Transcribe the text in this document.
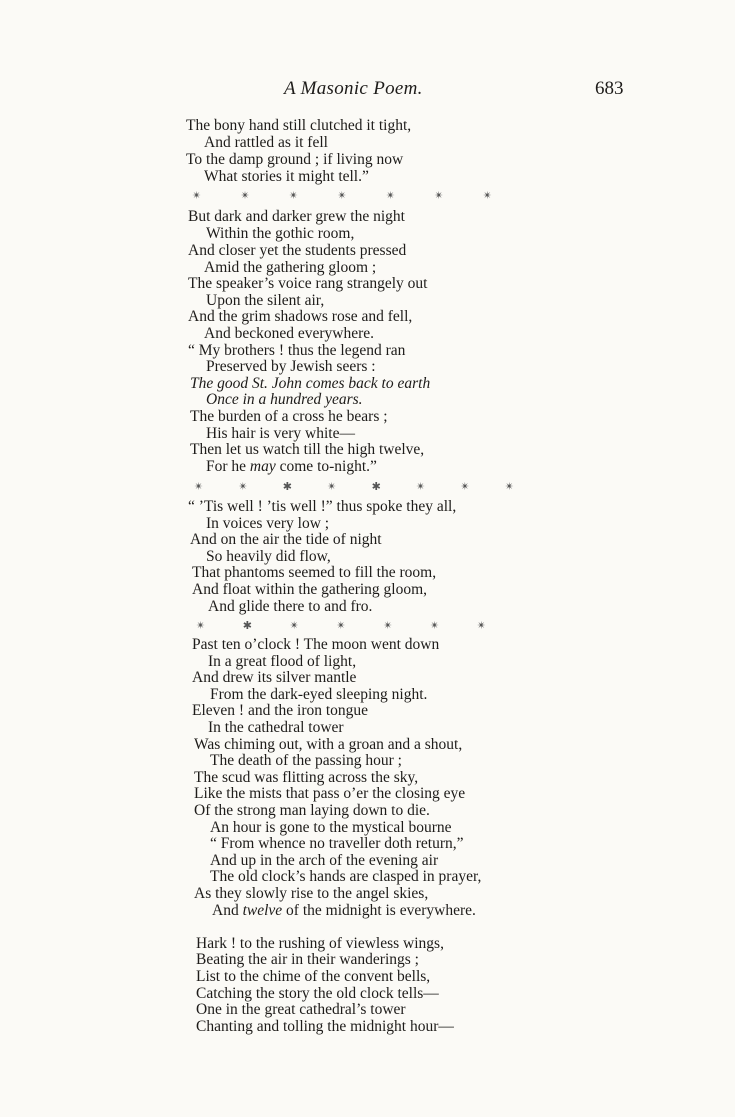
A Masonic Poem.	683
The bony hand still clutched it tight,
And rattled as it fell
To the damp ground ; if living now
What stories it might tell.”
✴	✴	✴	✴	✴	✴	✴
But dark and darker grew the night
Within the gothic room,
And closer yet the students pressed
Amid the gathering gloom ;
The speaker’s voice rang strangely out
Upon the silent air,
And the grim shadows rose and fell,
And beckoned everywhere.
“ My brothers ! thus the legend ran
Preserved by Jewish seers :
The good St. John comes back to earth
Once in a hundred years.
The burden of a cross he bears ;
His hair is very white—
Then let us watch till the high twelve,
For he may come to-night.”
✴	✴	✱	✴	✱	✴	✴	✴
“ ’Tis well ! ’tis well !” thus spoke they all,
In voices very low ;
And on the air the tide of night
So heavily did flow,
That phantoms seemed to fill the room,
And float within the gathering gloom,
And glide there to and fro.
✴	✱	✴	✴	✴	✴	✴
Past ten o’clock ! The moon went down
In a great flood of light,
And drew its silver mantle
From the dark-eyed sleeping night.
Eleven ! and the iron tongue
In the cathedral tower
Was chiming out, with a groan and a shout,
The death of the passing hour ;
The scud was flitting across the sky,
Like the mists that pass o’er the closing eye
Of the strong man laying down to die.
An hour is gone to the mystical bourne
“ From whence no traveller doth return,”
And up in the arch of the evening air
The old clock’s hands are clasped in prayer,
As they slowly rise to the angel skies,
And twelve of the midnight is everywhere.
Hark ! to the rushing of viewless wings,
Beating the air in their wanderings ;
List to the chime of the convent bells,
Catching the story the old clock tells—
One in the great cathedral’s tower
Chanting and tolling the midnight hour—
